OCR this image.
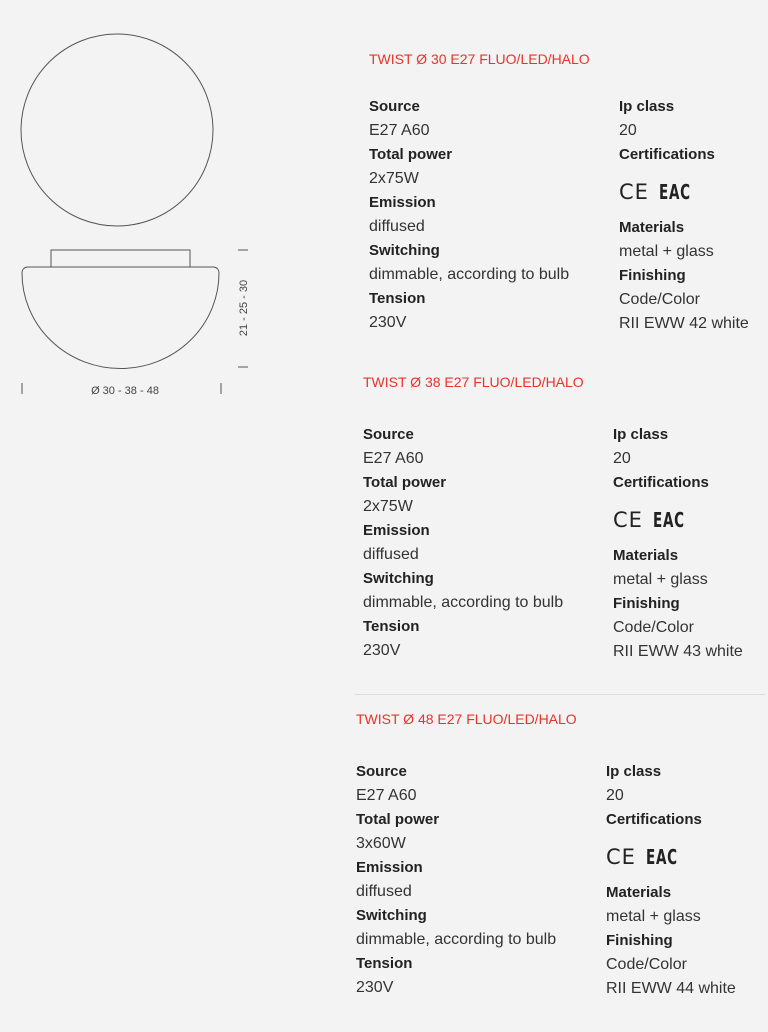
21 - 25 - 30
Ø 30 - 38 - 48
TWIST Ø 30 E27 FLUO/LED/HALO
Source
E27 A60
Total power
2x75W
Emission
diffused
Switching
dimmable, according to bulb
Tension
230V
Ip class
20
Certifications
CE EAC
Materials
metal + glass
Finishing
Code/Color
RII EWW 42 white
TWIST Ø 38 E27 FLUO/LED/HALO
Source
E27 A60
Total power
2x75W
Emission
diffused
Switching
dimmable, according to bulb
Tension
230V
Ip class
20
Certifications
CE EAC
Materials
metal + glass
Finishing
Code/Color
RII EWW 43 white
TWIST Ø 48 E27 FLUO/LED/HALO
Source
E27 A60
Total power
3x60W
Emission
diffused
Switching
dimmable, according to bulb
Tension
230V
Ip class
20
Certifications
CE EAC
Materials
metal + glass
Finishing
Code/Color
RII EWW 44 white
